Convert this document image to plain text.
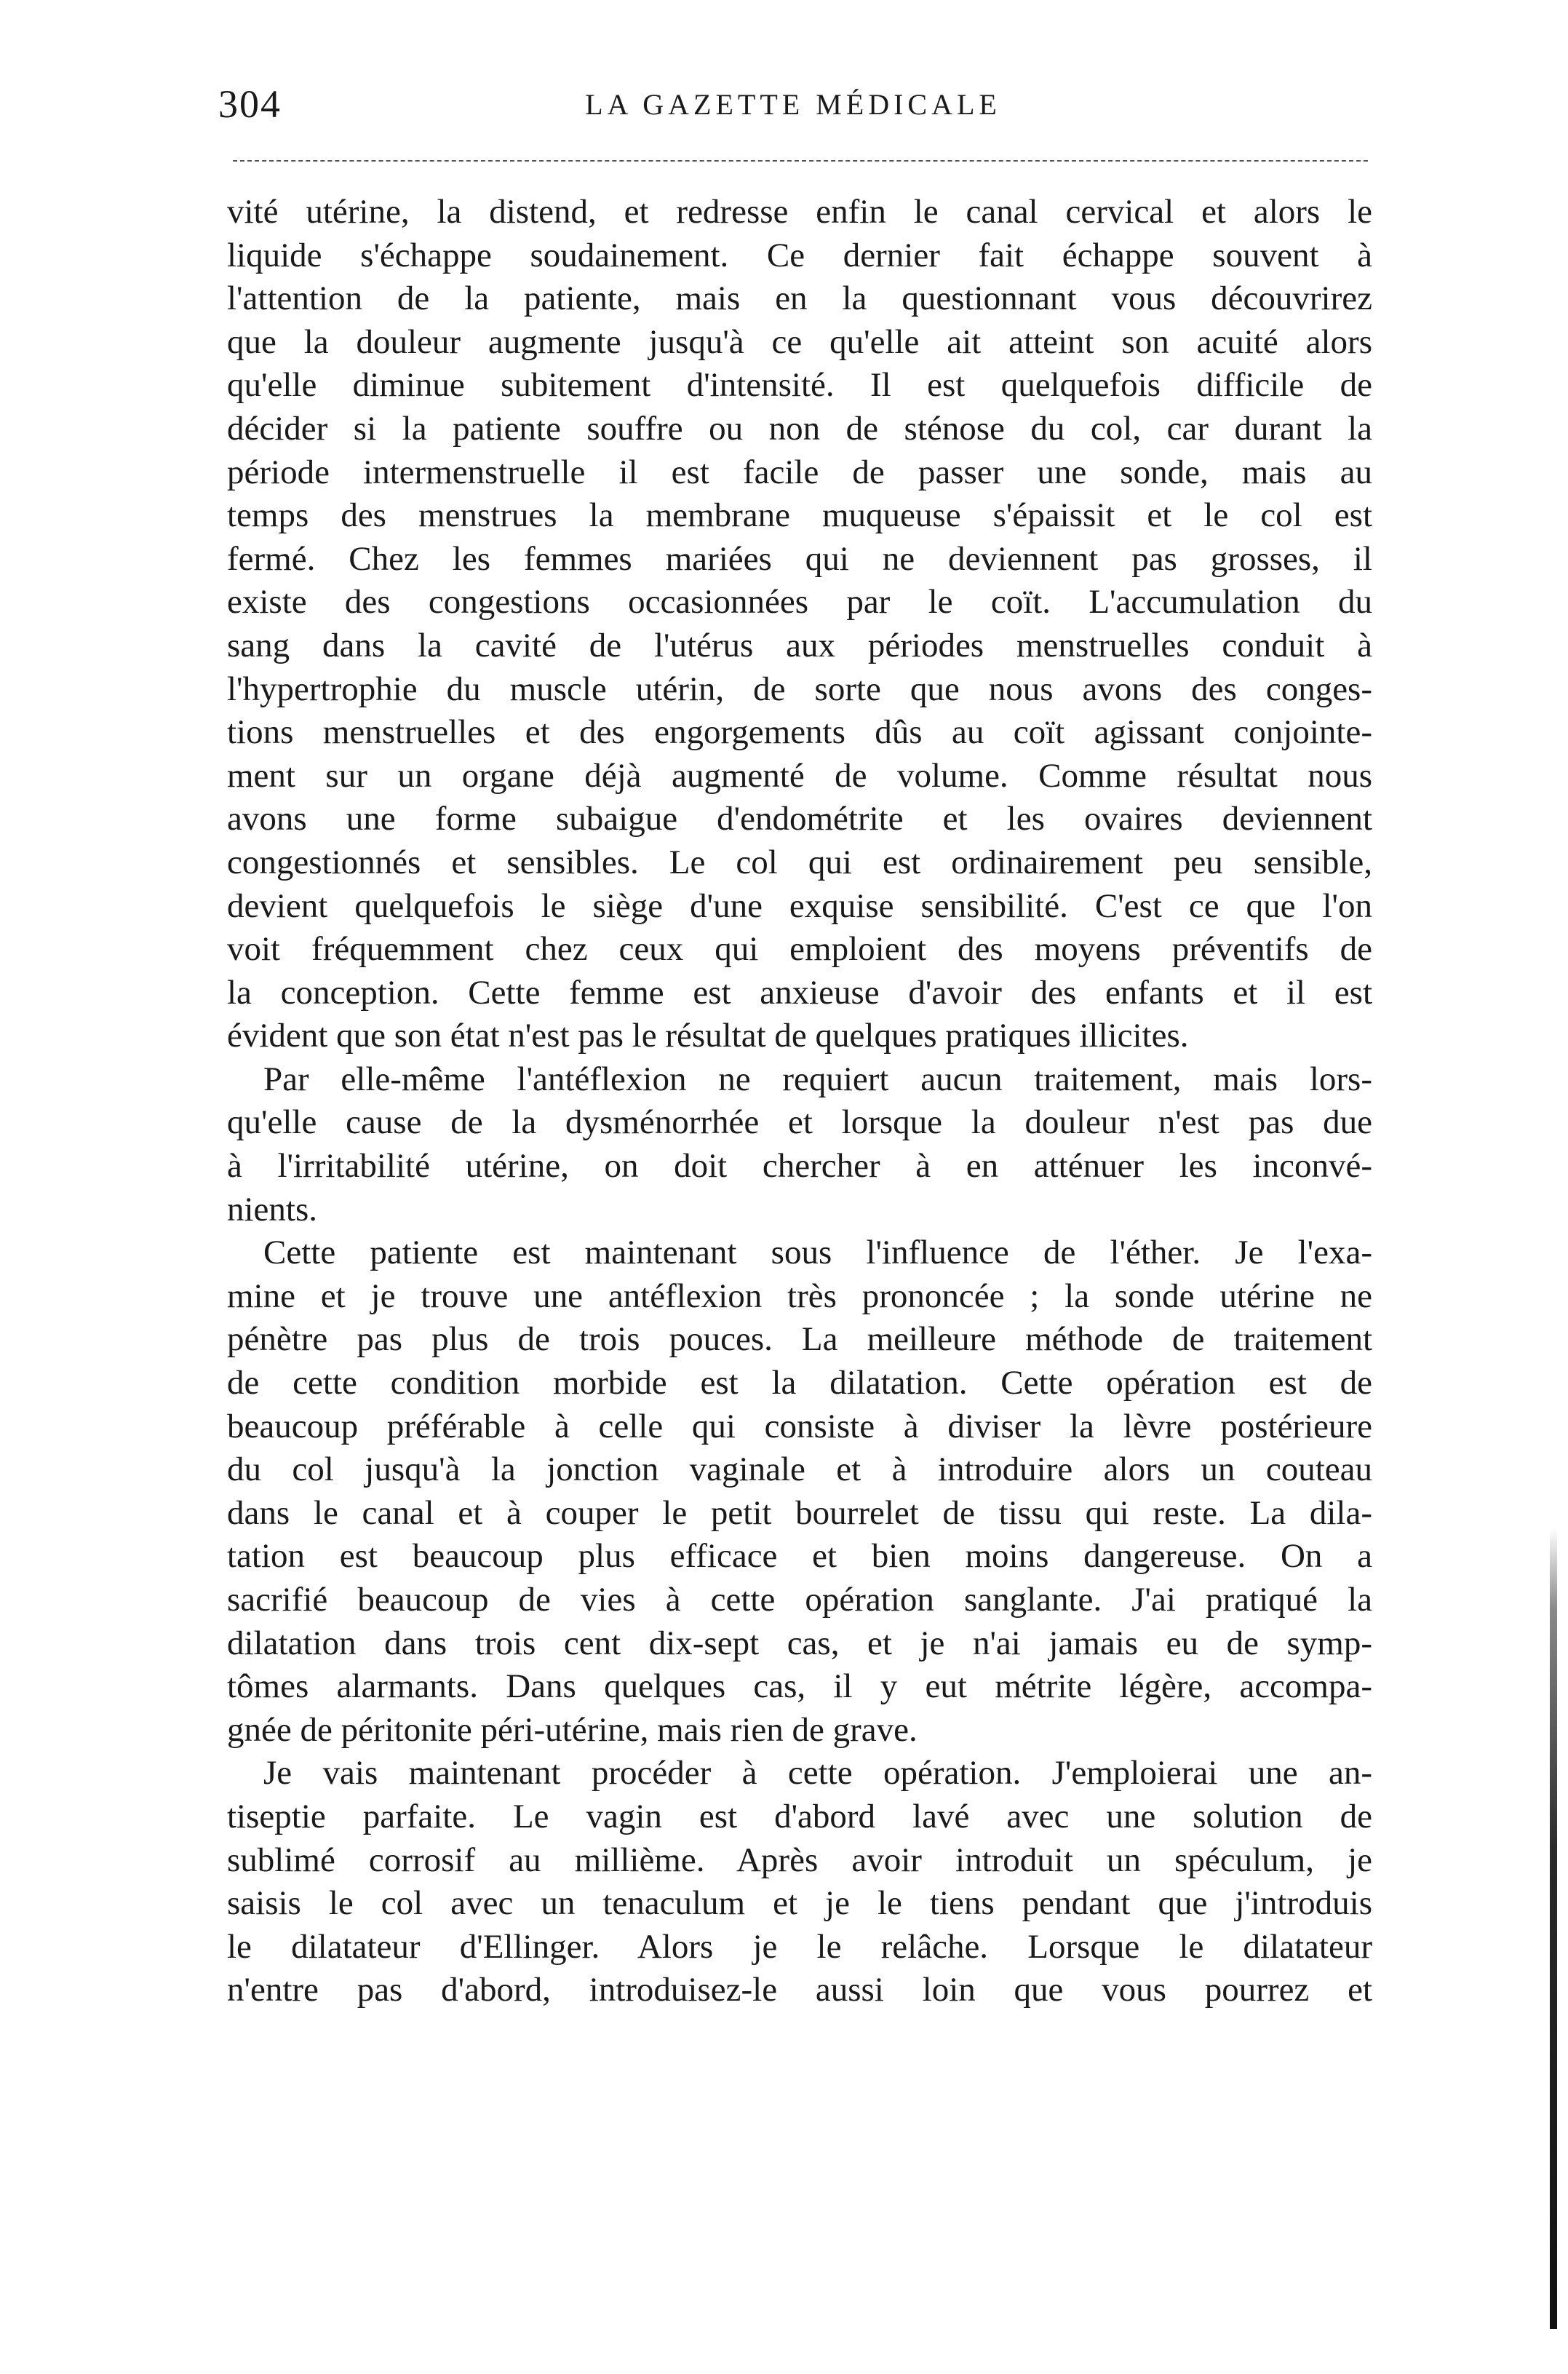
304	LA GAZETTE MÉDICALE
vité utérine, la distend, et redresse enfin le canal cervical et alors le
liquide s'échappe soudainement. Ce dernier fait échappe souvent à
l'attention de la patiente, mais en la questionnant vous découvrirez
que la douleur augmente jusqu'à ce qu'elle ait atteint son acuité alors
qu'elle diminue subitement d'intensité. Il est quelquefois difficile de
décider si la patiente souffre ou non de sténose du col, car durant la
période intermenstruelle il est facile de passer une sonde, mais au
temps des menstrues la membrane muqueuse s'épaissit et le col est
fermé. Chez les femmes mariées qui ne deviennent pas grosses, il
existe des congestions occasionnées par le coït. L'accumulation du
sang dans la cavité de l'utérus aux périodes menstruelles conduit à
l'hypertrophie du muscle utérin, de sorte que nous avons des conges-
tions menstruelles et des engorgements dûs au coït agissant conjointe-
ment sur un organe déjà augmenté de volume. Comme résultat nous
avons une forme subaigue d'endométrite et les ovaires deviennent
congestionnés et sensibles. Le col qui est ordinairement peu sensible,
devient quelquefois le siège d'une exquise sensibilité. C'est ce que l'on
voit fréquemment chez ceux qui emploient des moyens préventifs de
la conception. Cette femme est anxieuse d'avoir des enfants et il est
évident que son état n'est pas le résultat de quelques pratiques illicites.
Par elle-même l'antéflexion ne requiert aucun traitement, mais lors-
qu'elle cause de la dysménorrhée et lorsque la douleur n'est pas due
à l'irritabilité utérine, on doit chercher à en atténuer les inconvé-
nients.
Cette patiente est maintenant sous l'influence de l'éther. Je l'exa-
mine et je trouve une antéflexion très prononcée ; la sonde utérine ne
pénètre pas plus de trois pouces. La meilleure méthode de traitement
de cette condition morbide est la dilatation. Cette opération est de
beaucoup préférable à celle qui consiste à diviser la lèvre postérieure
du col jusqu'à la jonction vaginale et à introduire alors un couteau
dans le canal et à couper le petit bourrelet de tissu qui reste. La dila-
tation est beaucoup plus efficace et bien moins dangereuse. On a
sacrifié beaucoup de vies à cette opération sanglante. J'ai pratiqué la
dilatation dans trois cent dix-sept cas, et je n'ai jamais eu de symp-
tômes alarmants. Dans quelques cas, il y eut métrite légère, accompa-
gnée de péritonite péri-utérine, mais rien de grave.
Je vais maintenant procéder à cette opération. J'emploierai une an-
tiseptie parfaite. Le vagin est d'abord lavé avec une solution de
sublimé corrosif au millième. Après avoir introduit un spéculum, je
saisis le col avec un tenaculum et je le tiens pendant que j'introduis
le dilatateur d'Ellinger. Alors je le relâche. Lorsque le dilatateur
n'entre pas d'abord, introduisez-le aussi loin que vous pourrez et
